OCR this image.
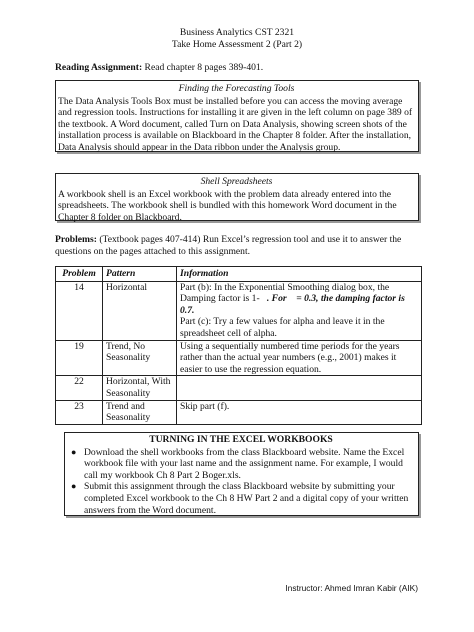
Business Analytics CST 2321
Take Home Assessment 2 (Part 2)
Reading Assignment: Read chapter 8 pages 389-401.
Finding the Forecasting Tools

The Data Analysis Tools Box must be installed before you can access the moving average and regression tools. Instructions for installing it are given in the left column on page 389 of the textbook. A Word document, called Turn on Data Analysis, showing screen shots of the installation process is available on Blackboard in the Chapter 8 folder. After the installation, Data Analysis should appear in the Data ribbon under the Analysis group.

Shell Spreadsheets

A workbook shell is an Excel workbook with the problem data already entered into the spreadsheets. The workbook shell is bundled with this homework Word document in the Chapter 8 folder on Blackboard.

Problems: (Textbook pages 407-414) Run Excel’s regression tool and use it to answer the questions on the pages attached to this assignment.
Problem	Pattern	Information
14	Horizontal	Part (b): In the Exponential Smoothing dialog box, the Damping factor is 1- . For = 0.3, the damping factor is 0.7.
Part (c): Try a few values for alpha and leave it in the spreadsheet cell of alpha.

19	Trend, No Seasonality	Using a sequentially numbered time periods for the years rather than the actual year numbers (e.g., 2001) makes it easier to use the regression equation.
22	Horizontal, With Seasonality	
23	Trend and Seasonality	Skip part (f).
TURNING IN THE EXCEL WORKBOOKS
● Download the shell workbooks from the class Blackboard website. Name the Excel workbook file with your last name and the assignment name. For example, I would call my workbook Ch 8 Part 2 Boger.xls.
● Submit this assignment through the class Blackboard website by submitting your completed Excel workbook to the Ch 8 HW Part 2 and a digital copy of your written answers from the Word document.
Instructor: Ahmed Imran Kabir (AIK)
